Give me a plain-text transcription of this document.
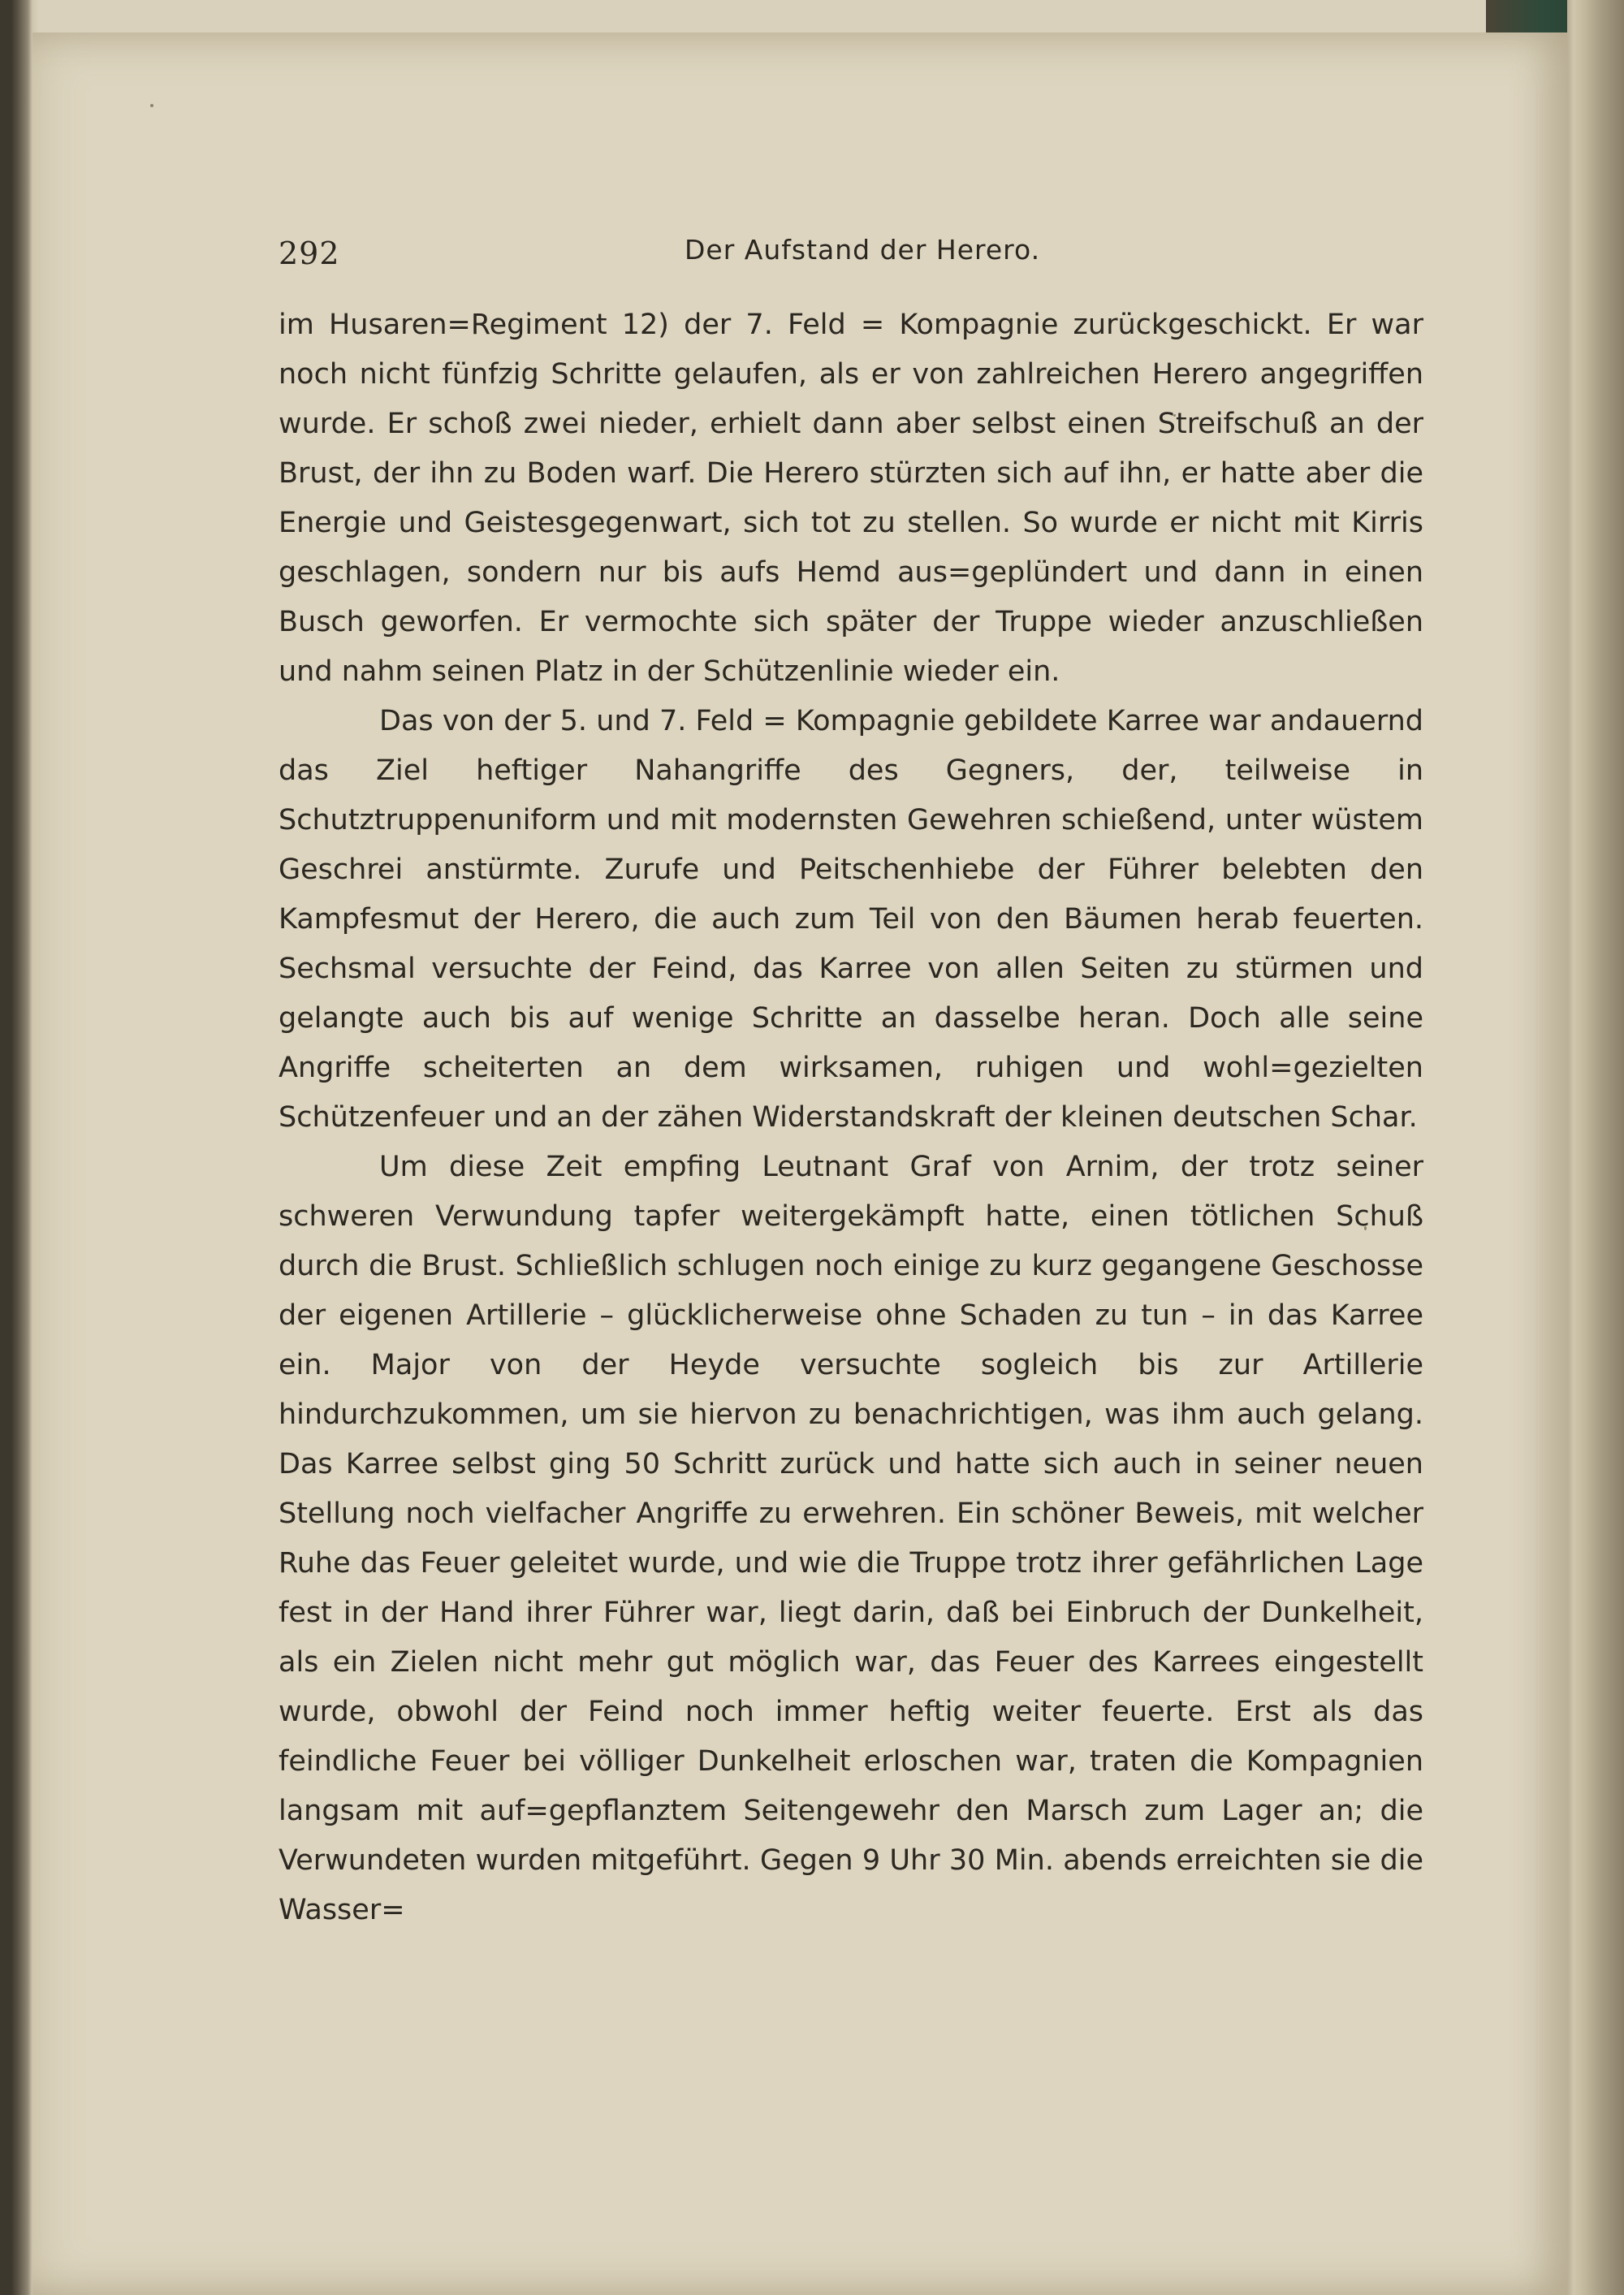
292	Der Aufstand der Herero.

im Husaren=Regiment 12) der 7. Feld = Kompagnie zurückgeschickt. Er war noch nicht fünfzig Schritte gelaufen, als er von zahlreichen Herero angegriffen wurde. Er schoß zwei nieder, erhielt dann aber selbst einen Streifschuß an der Brust, der ihn zu Boden warf. Die Herero stürzten sich auf ihn, er hatte aber die Energie und Geistesgegenwart, sich tot zu stellen. So wurde er nicht mit Kirris geschlagen, sondern nur bis aufs Hemd aus=geplündert und dann in einen Busch geworfen. Er vermochte sich später der Truppe wieder anzuschließen und nahm seinen Platz in der Schützenlinie wieder ein.

Das von der 5. und 7. Feld = Kompagnie gebildete Karree war andauernd das Ziel heftiger Nahangriffe des Gegners, der, teilweise in Schutztruppenuniform und mit modernsten Gewehren schießend, unter wüstem Geschrei anstürmte. Zurufe und Peitschenhiebe der Führer belebten den Kampfesmut der Herero, die auch zum Teil von den Bäumen herab feuerten. Sechsmal versuchte der Feind, das Karree von allen Seiten zu stürmen und gelangte auch bis auf wenige Schritte an dasselbe heran. Doch alle seine Angriffe scheiterten an dem wirksamen, ruhigen und wohl=gezielten Schützenfeuer und an der zähen Widerstandskraft der kleinen deutschen Schar.

Um diese Zeit empfing Leutnant Graf von Arnim, der trotz seiner schweren Verwundung tapfer weitergekämpft hatte, einen tötlichen Schuß durch die Brust. Schließlich schlugen noch einige zu kurz gegangene Geschosse der eigenen Artillerie – glücklicherweise ohne Schaden zu tun – in das Karree ein. Major von der Heyde versuchte sogleich bis zur Artillerie hindurchzukommen, um sie hiervon zu benachrichtigen, was ihm auch gelang. Das Karree selbst ging 50 Schritt zurück und hatte sich auch in seiner neuen Stellung noch vielfacher Angriffe zu erwehren. Ein schöner Beweis, mit welcher Ruhe das Feuer geleitet wurde, und wie die Truppe trotz ihrer gefährlichen Lage fest in der Hand ihrer Führer war, liegt darin, daß bei Einbruch der Dunkelheit, als ein Zielen nicht mehr gut möglich war, das Feuer des Karrees eingestellt wurde, obwohl der Feind noch immer heftig weiter feuerte. Erst als das feindliche Feuer bei völliger Dunkelheit erloschen war, traten die Kompagnien langsam mit auf=gepflanztem Seitengewehr den Marsch zum Lager an; die Verwundeten wurden mitgeführt. Gegen 9 Uhr 30 Min. abends erreichten sie die Wasser=
